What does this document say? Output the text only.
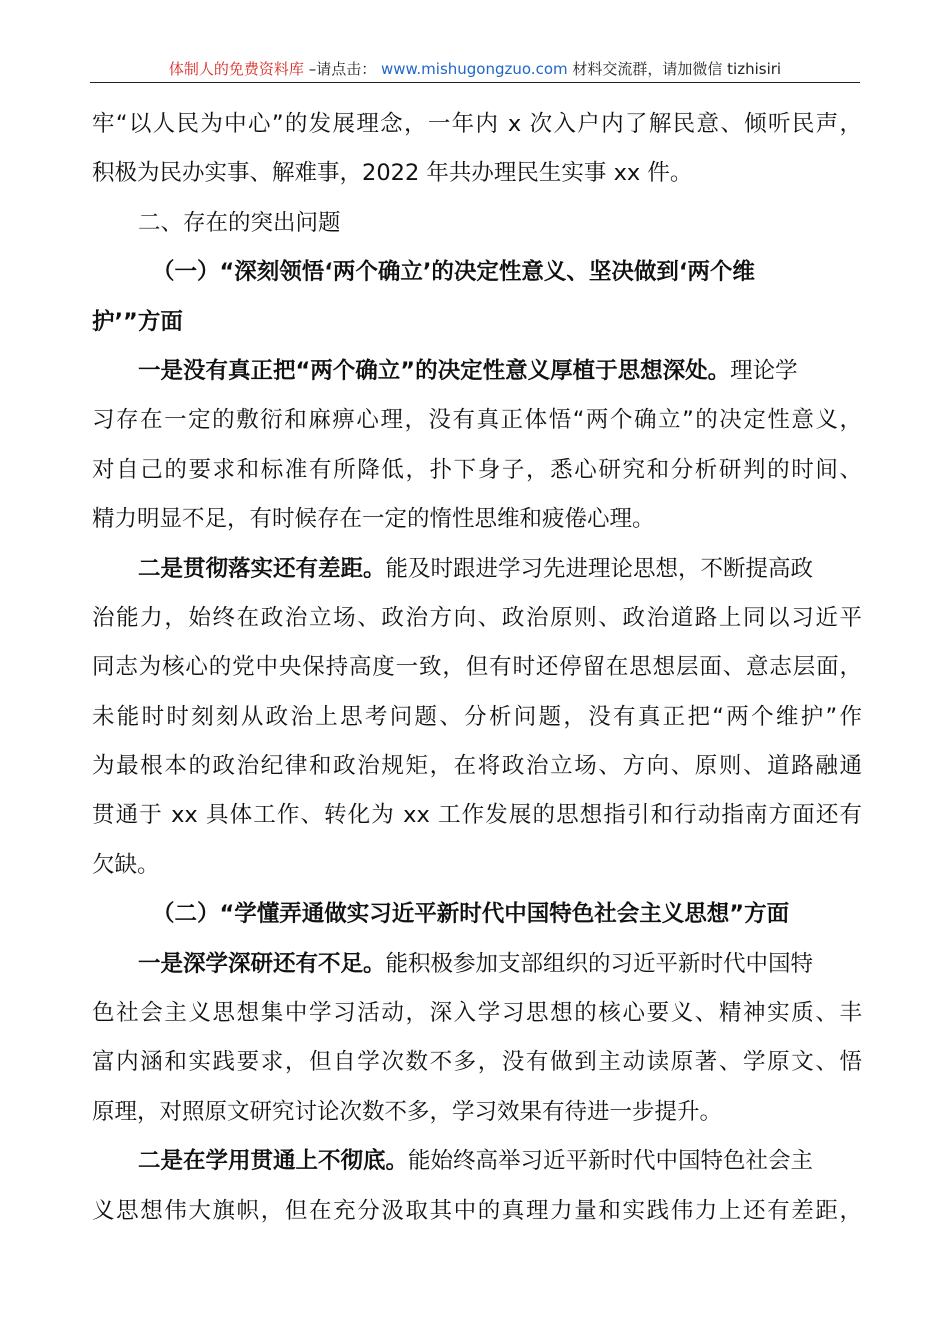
体制人的免费资料库 –请点击： www.mishugongzuo.com 材料交流群，请加微信 tizhisiri
牢“以人民为中心”的发展理念，一年内 x 次入户内了解民意、倾听民声，
积极为民办实事、解难事，2022 年共办理民生实事 xx 件。
二、存在的突出问题
（一）“深刻领悟‘两个确立’的决定性意义、坚决做到‘两个维
护’”方面
一是没有真正把“两个确立”的决定性意义厚植于思想深处。理论学
习存在一定的敷衍和麻痹心理，没有真正体悟“两个确立”的决定性意义，
对自己的要求和标准有所降低，扑下身子，悉心研究和分析研判的时间、
精力明显不足，有时候存在一定的惰性思维和疲倦心理。
二是贯彻落实还有差距。能及时跟进学习先进理论思想，不断提高政
治能力，始终在政治立场、政治方向、政治原则、政治道路上同以习近平
同志为核心的党中央保持高度一致，但有时还停留在思想层面、意志层面，
未能时时刻刻从政治上思考问题、分析问题，没有真正把“两个维护”作
为最根本的政治纪律和政治规矩，在将政治立场、方向、原则、道路融通
贯通于 xx 具体工作、转化为 xx 工作发展的思想指引和行动指南方面还有
欠缺。
（二）“学懂弄通做实习近平新时代中国特色社会主义思想”方面
一是深学深研还有不足。能积极参加支部组织的习近平新时代中国特
色社会主义思想集中学习活动，深入学习思想的核心要义、精神实质、丰
富内涵和实践要求，但自学次数不多，没有做到主动读原著、学原文、悟
原理，对照原文研究讨论次数不多，学习效果有待进一步提升。
二是在学用贯通上不彻底。能始终高举习近平新时代中国特色社会主
义思想伟大旗帜，但在充分汲取其中的真理力量和实践伟力上还有差距，
